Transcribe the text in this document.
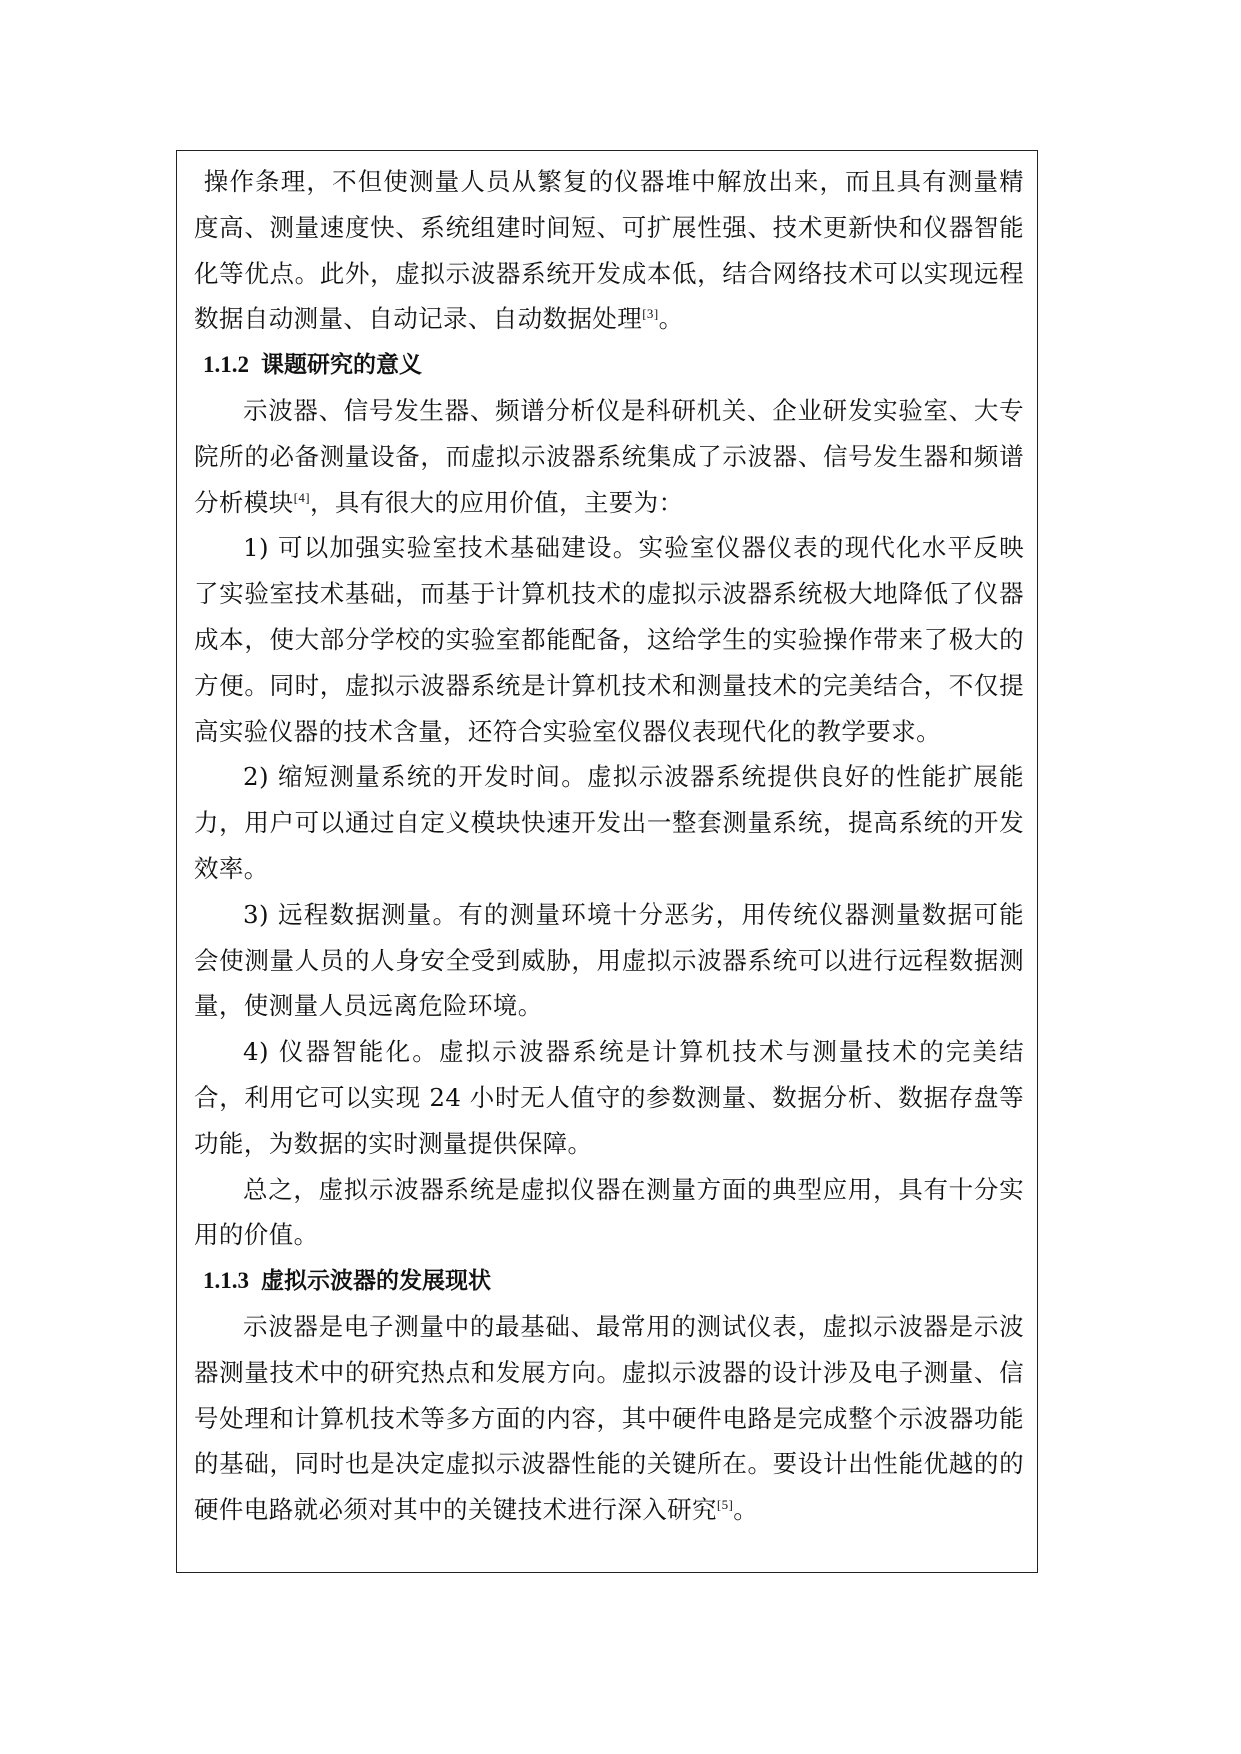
操作条理，不但使测量人员从繁复的仪器堆中解放出来，而且具有测量精度高、测量速度快、系统组建时间短、可扩展性强、技术更新快和仪器智能化等优点。此外，虚拟示波器系统开发成本低，结合网络技术可以实现远程数据自动测量、自动记录、自动数据处理[3]。

1.1.2 课题研究的意义

示波器、信号发生器、频谱分析仪是科研机关、企业研发实验室、大专院所的必备测量设备，而虚拟示波器系统集成了示波器、信号发生器和频谱分析模块[4]，具有很大的应用价值，主要为：

1) 可以加强实验室技术基础建设。实验室仪器仪表的现代化水平反映了实验室技术基础，而基于计算机技术的虚拟示波器系统极大地降低了仪器成本，使大部分学校的实验室都能配备，这给学生的实验操作带来了极大的方便。同时，虚拟示波器系统是计算机技术和测量技术的完美结合，不仅提高实验仪器的技术含量，还符合实验室仪器仪表现代化的教学要求。

2) 缩短测量系统的开发时间。虚拟示波器系统提供良好的性能扩展能力，用户可以通过自定义模块快速开发出一整套测量系统，提高系统的开发效率。

3) 远程数据测量。有的测量环境十分恶劣，用传统仪器测量数据可能会使测量人员的人身安全受到威胁，用虚拟示波器系统可以进行远程数据测量，使测量人员远离危险环境。

4) 仪器智能化。虚拟示波器系统是计算机技术与测量技术的完美结合，利用它可以实现 24 小时无人值守的参数测量、数据分析、数据存盘等功能，为数据的实时测量提供保障。

总之，虚拟示波器系统是虚拟仪器在测量方面的典型应用，具有十分实用的价值。

1.1.3 虚拟示波器的发展现状

示波器是电子测量中的最基础、最常用的测试仪表，虚拟示波器是示波器测量技术中的研究热点和发展方向。虚拟示波器的设计涉及电子测量、信号处理和计算机技术等多方面的内容，其中硬件电路是完成整个示波器功能的基础，同时也是决定虚拟示波器性能的关键所在。要设计出性能优越的的硬件电路就必须对其中的关键技术进行深入研究[5]。
